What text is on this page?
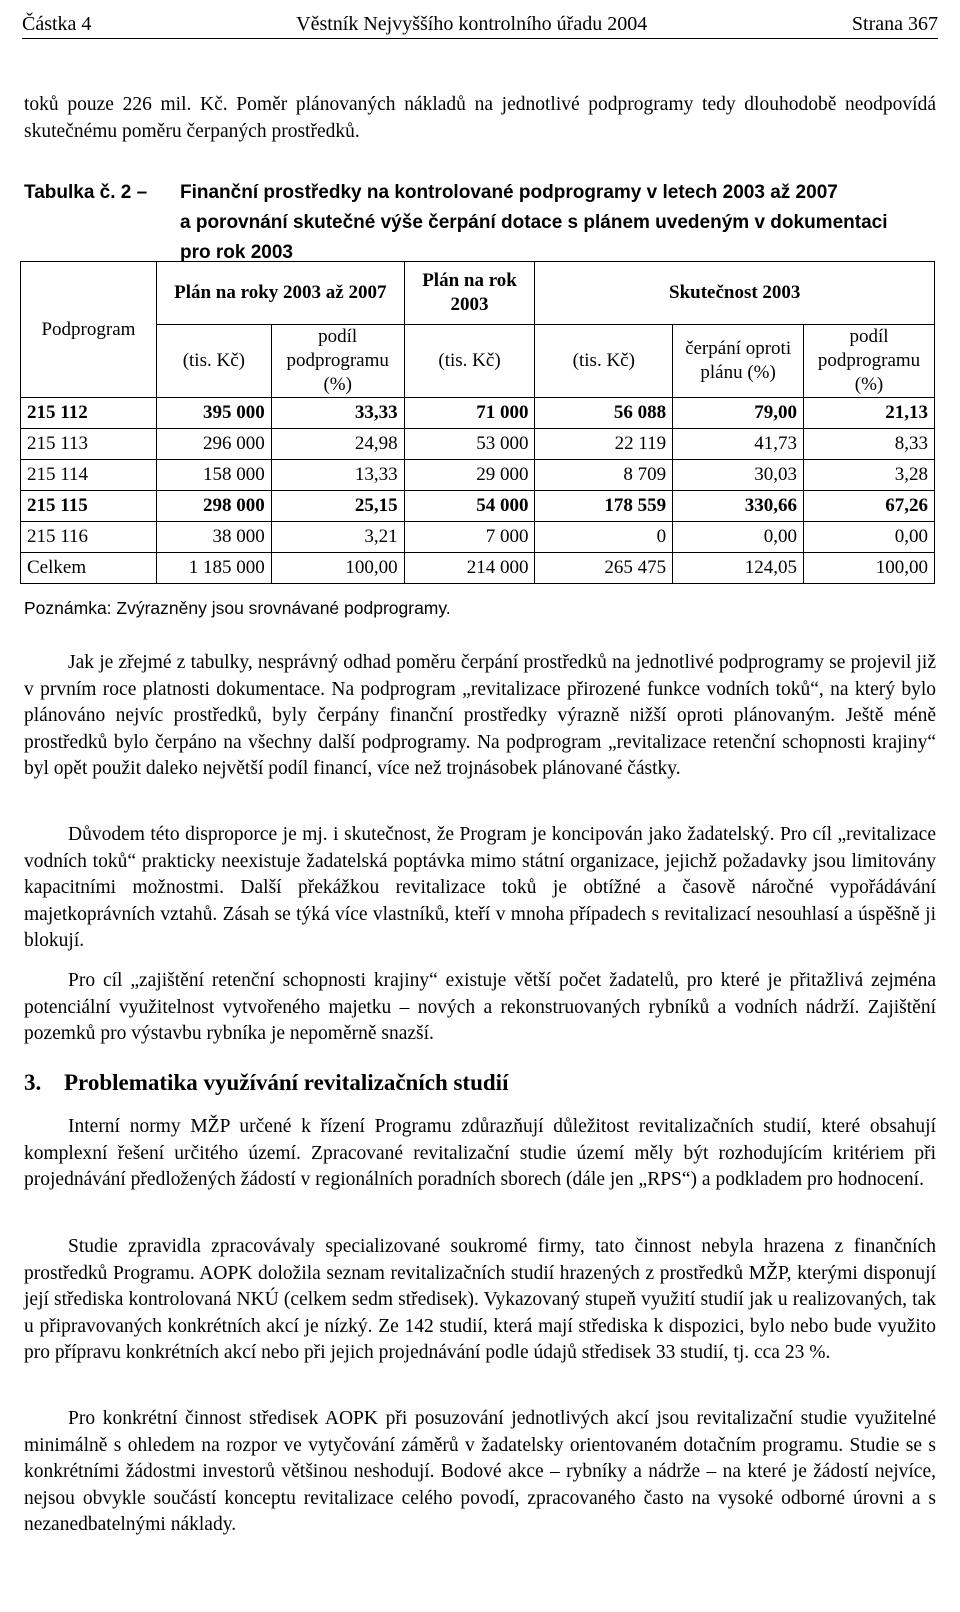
Částka 4	Věstník Nejvyššího kontrolního úřadu 2004	Strana 367

toků pouze 226 mil. Kč. Poměr plánovaných nákladů na jednotlivé podprogramy tedy dlouhodobě neodpovídá skutečnému poměru čerpaných prostředků.

Tabulka č. 2 – Finanční prostředky na kontrolované podprogramy v letech 2003 až 2007
a porovnání skutečné výše čerpání dotace s plánem uvedeným v dokumentaci
pro rok 2003
Podprogram	Plán na roky 2003 až 2007		Plán na rok 2003	Skutečnost 2003		
	(tis. Kč)	podíl podprogramu (%)	(tis. Kč)	(tis. Kč)	čerpání oproti plánu (%)	podíl podprogramu (%)
215 112	395 000	33,33	71 000	56 088	79,00	21,13
215 113	296 000	24,98	53 000	22 119	41,73	8,33
215 114	158 000	13,33	29 000	8 709	30,03	3,28
215 115	298 000	25,15	54 000	178 559	330,66	67,26
215 116	38 000	3,21	7 000	0	0,00	0,00
Celkem	1 185 000	100,00	214 000	265 475	124,05	100,00
Poznámka: Zvýrazněny jsou srovnávané podprogramy.

Jak je zřejmé z tabulky, nesprávný odhad poměru čerpání prostředků na jednotlivé podprogramy se projevil již v prvním roce platnosti dokumentace. Na podprogram „revitalizace přirozené funkce vodních toků“, na který bylo plánováno nejvíc prostředků, byly čerpány finanční prostředky výrazně nižší oproti plánovaným. Ještě méně prostředků bylo čerpáno na všechny další podprogramy. Na podprogram „revitalizace retenční schopnosti krajiny“ byl opět použit daleko největší podíl financí, více než trojnásobek plánované částky.

Důvodem této disproporce je mj. i skutečnost, že Program je koncipován jako žadatelský. Pro cíl „revitalizace vodních toků“ prakticky neexistuje žadatelská poptávka mimo státní organizace, jejichž požadavky jsou limitovány kapacitními možnostmi. Další překážkou revitalizace toků je obtížné a časově náročné vypořádávání majetkoprávních vztahů. Zásah se týká více vlastníků, kteří v mnoha případech s revitalizací nesouhlasí a úspěšně ji blokují.

Pro cíl „zajištění retenční schopnosti krajiny“ existuje větší počet žadatelů, pro které je přitažlivá zejména potenciální využitelnost vytvořeného majetku – nových a rekonstruovaných rybníků a vodních nádrží. Zajištění pozemků pro výstavbu rybníka je nepoměrně snazší.

3. Problematika využívání revitalizačních studií

Interní normy MŽP určené k řízení Programu zdůrazňují důležitost revitalizačních studií, které obsahují komplexní řešení určitého území. Zpracované revitalizační studie území měly být rozhodujícím kritériem při projednávání předložených žádostí v regionálních poradních sborech (dále jen „RPS“) a podkladem pro hodnocení.

Studie zpravidla zpracovávaly specializované soukromé firmy, tato činnost nebyla hrazena z finančních prostředků Programu. AOPK doložila seznam revitalizačních studií hrazených z prostředků MŽP, kterými disponují její střediska kontrolovaná NKÚ (celkem sedm středisek). Vykazovaný stupeň využití studií jak u realizovaných, tak u připravovaných konkrétních akcí je nízký. Ze 142 studií, která mají střediska k dispozici, bylo nebo bude využito pro přípravu konkrétních akcí nebo při jejich projednávání podle údajů středisek 33 studií, tj. cca 23 %.

Pro konkrétní činnost středisek AOPK při posuzování jednotlivých akcí jsou revitalizační studie využitelné minimálně s ohledem na rozpor ve vytyčování záměrů v žadatelsky orientovaném dotačním programu. Studie se s konkrétními žádostmi investorů většinou neshodují. Bodové akce – rybníky a nádrže – na které je žádostí nejvíce, nejsou obvykle součástí konceptu revitalizace celého povodí, zpracovaného často na vysoké odborné úrovni a s nezanedbatelnými náklady.
